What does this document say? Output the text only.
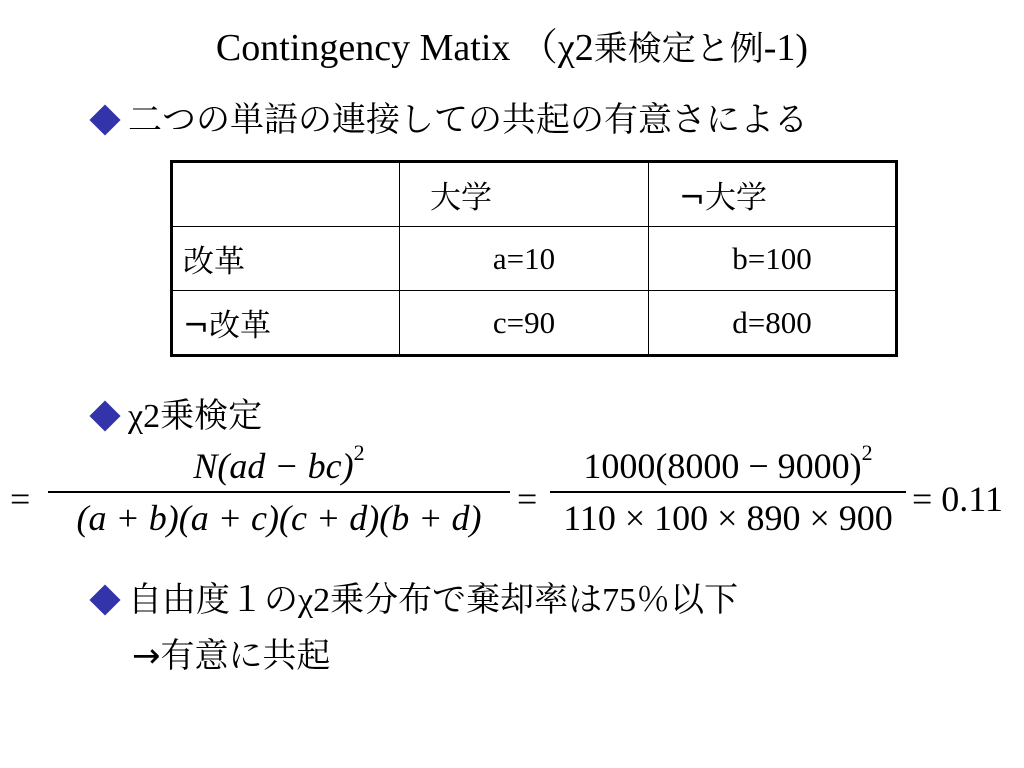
Contingency Matix （χ2乗検定と例-1)
二つの単語の連接しての共起の有意さによる
	大学	¬大学
改革	a=10	b=100
¬改革	c=90	d=800
χ2乗検定
=
N(ad − bc)$^2$
(a + b)(a + c)(c + d)(b + d) =
$1000(8000 - 9000)^2$
110 × 100 × 890 × 900 = 0.11
自由度１のχ2乗分布で棄却率は75％以下
→有意に共起
